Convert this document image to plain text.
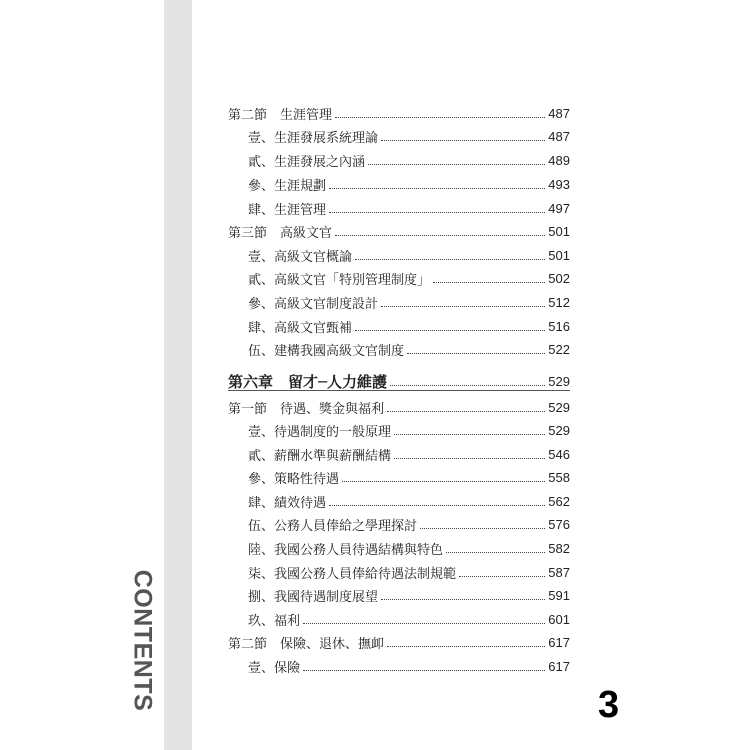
CONTENTS	3
第二節　生涯管理	487
壹、生涯發展系統理論	487
貳、生涯發展之內涵	489
參、生涯規劃	493
肆、生涯管理	497
第三節　高級文官	501
壹、高級文官概論	501
貳、高級文官「特別管理制度」	502
參、高級文官制度設計	512
肆、高級文官甄補	516
伍、建構我國高級文官制度	522
第六章　留才─人力維護	529
第一節　待遇、獎金與福利	529
壹、待遇制度的一般原理	529
貳、薪酬水準與薪酬結構	546
參、策略性待遇	558
肆、績效待遇	562
伍、公務人員俸給之學理探討	576
陸、我國公務人員待遇結構與特色	582
柒、我國公務人員俸給待遇法制規範	587
捌、我國待遇制度展望	591
玖、福利	601
第二節　保險、退休、撫卹	617
壹、保險	617
